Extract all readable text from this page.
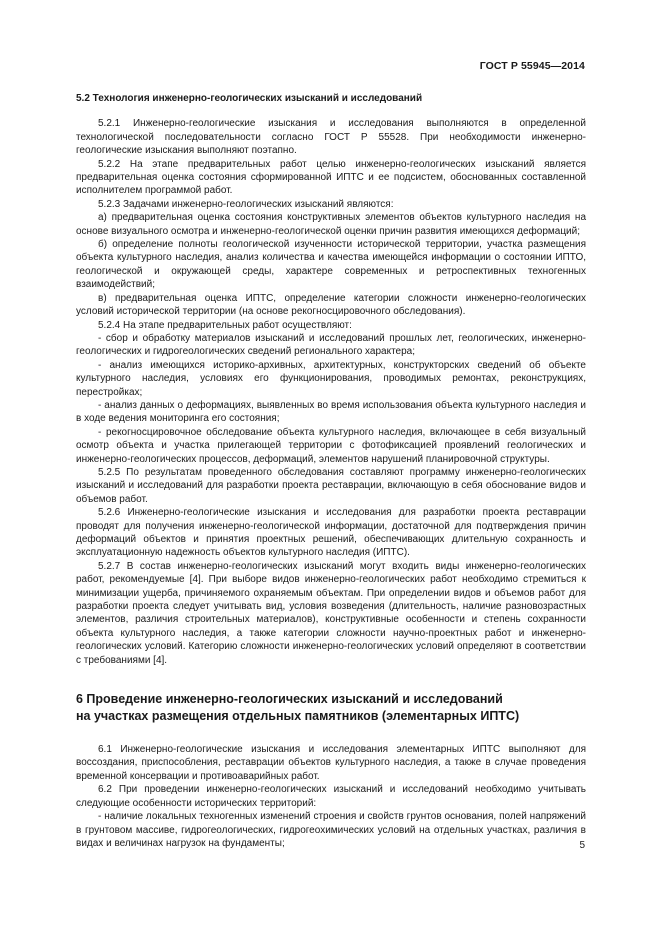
ГОСТ Р 55945—2014
5.2 Технология инженерно-геологических изысканий и исследований

5.2.1 Инженерно-геологические изыскания и исследования выполняются в определенной технологической последовательности согласно ГОСТ Р 55528. При необходимости инженерно-геологические изыскания выполняют поэтапно.

5.2.2 На этапе предварительных работ целью инженерно-геологических изысканий является предварительная оценка состояния сформированной ИПТС и ее подсистем, обоснованных составленной исполнителем программой работ.

5.2.3 Задачами инженерно-геологических изысканий являются:

а) предварительная оценка состояния конструктивных элементов объектов культурного наследия на основе визуального осмотра и инженерно-геологической оценки причин развития имеющихся деформаций;

б) определение полноты геологической изученности исторической территории, участка размещения объекта культурного наследия, анализ количества и качества имеющейся информации о состоянии ИПТО, геологической и окружающей среды, характере современных и ретроспективных техногенных взаимодействий;

в) предварительная оценка ИПТС, определение категории сложности инженерно-геологических условий исторической территории (на основе рекогносцировочного обследования).

5.2.4 На этапе предварительных работ осуществляют:

- сбор и обработку материалов изысканий и исследований прошлых лет, геологических, инженерно-геологических и гидрогеологических сведений регионального характера;

- анализ имеющихся историко-архивных, архитектурных, конструкторских сведений об объекте культурного наследия, условиях его функционирования, проводимых ремонтах, реконструкциях, перестройках;

- анализ данных о деформациях, выявленных во время использования объекта культурного наследия и в ходе ведения мониторинга его состояния;

- рекогносцировочное обследование объекта культурного наследия, включающее в себя визуальный осмотр объекта и участка прилегающей территории с фотофиксацией проявлений геологических и инженерно-геологических процессов, деформаций, элементов нарушений планировочной структуры.

5.2.5 По результатам проведенного обследования составляют программу инженерно-геологических изысканий и исследований для разработки проекта реставрации, включающую в себя обоснование видов и объемов работ.

5.2.6 Инженерно-геологические изыскания и исследования для разработки проекта реставрации проводят для получения инженерно-геологической информации, достаточной для подтверждения причин деформаций объектов и принятия проектных решений, обеспечивающих длительную сохранность и эксплуатационную надежность объектов культурного наследия (ИПТС).

5.2.7 В состав инженерно-геологических изысканий могут входить виды инженерно-геологических работ, рекомендуемые [4]. При выборе видов инженерно-геологических работ необходимо стремиться к минимизации ущерба, причиняемого охраняемым объектам. При определении видов и объемов работ для разработки проекта следует учитывать вид, условия возведения (длительность, наличие разновозрастных элементов, различия строительных материалов), конструктивные особенности и степень сохранности объекта культурного наследия, а также категории сложности научно-проектных работ и инженерно-геологических условий. Категорию сложности инженерно-геологических условий определяют в соответствии с требованиями [4].

6 Проведение инженерно-геологических изысканий и исследований
на участках размещения отдельных памятников (элементарных ИПТС)

6.1 Инженерно-геологические изыскания и исследования элементарных ИПТС выполняют для воссоздания, приспособления, реставрации объектов культурного наследия, а также в случае проведения временной консервации и противоаварийных работ.

6.2 При проведении инженерно-геологических изысканий и исследований необходимо учитывать следующие особенности исторических территорий:

- наличие локальных техногенных изменений строения и свойств грунтов основания, полей напряжений в грунтовом массиве, гидрогеологических, гидрогеохимических условий на отдельных участках, различия в видах и величинах нагрузок на фундаменты;	5
